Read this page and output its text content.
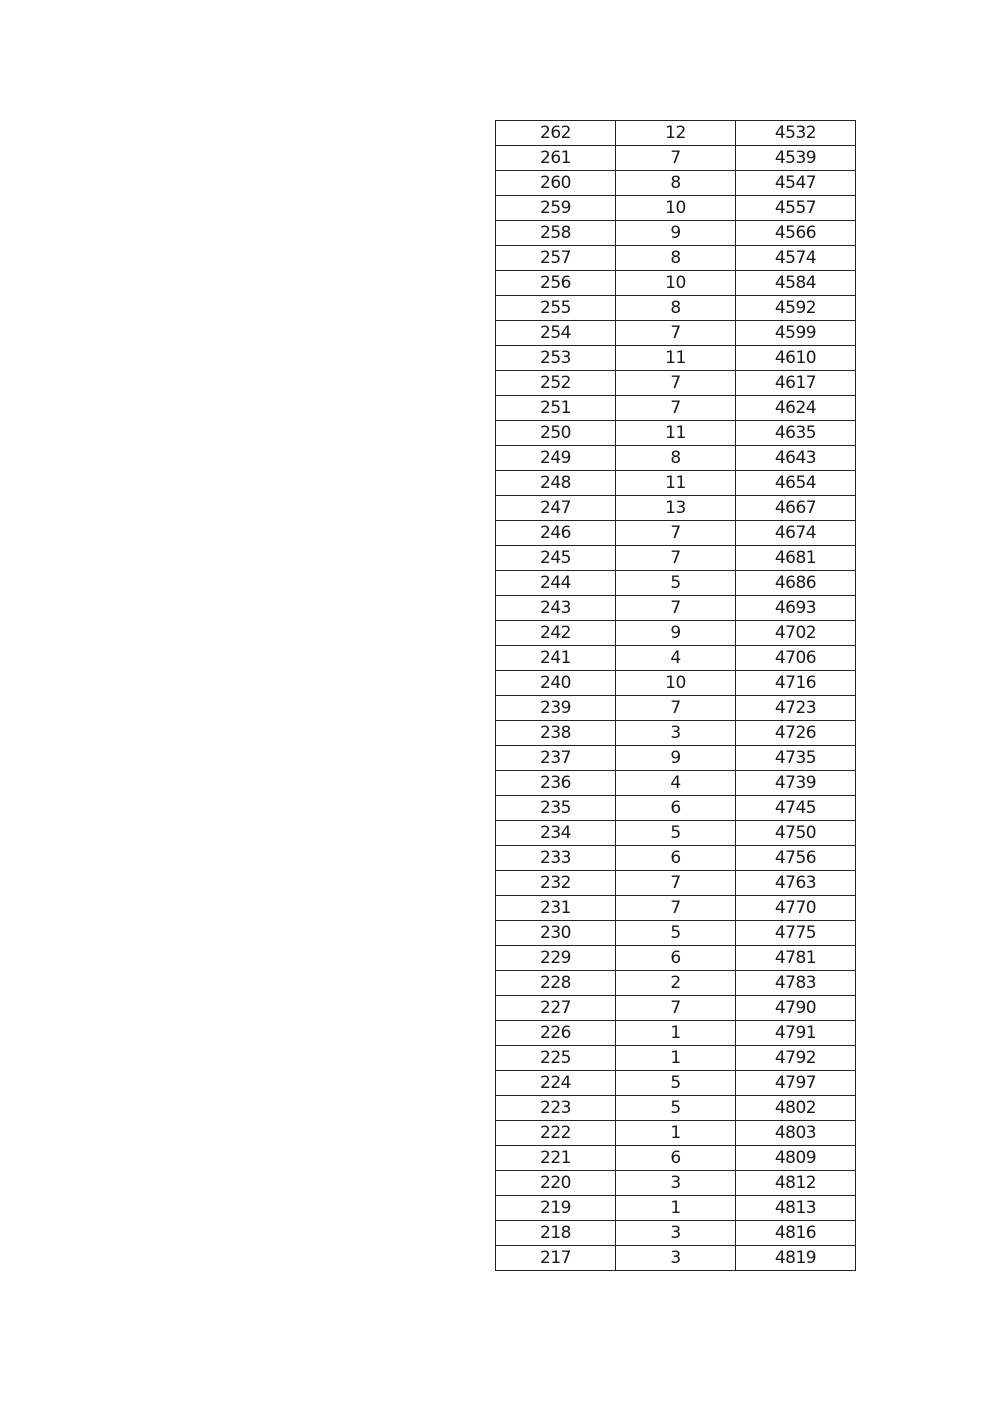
262	12	4532
261	7	4539
260	8	4547
259	10	4557
258	9	4566
257	8	4574
256	10	4584
255	8	4592
254	7	4599
253	11	4610
252	7	4617
251	7	4624
250	11	4635
249	8	4643
248	11	4654
247	13	4667
246	7	4674
245	7	4681
244	5	4686
243	7	4693
242	9	4702
241	4	4706
240	10	4716
239	7	4723
238	3	4726
237	9	4735
236	4	4739
235	6	4745
234	5	4750
233	6	4756
232	7	4763
231	7	4770
230	5	4775
229	6	4781
228	2	4783
227	7	4790
226	1	4791
225	1	4792
224	5	4797
223	5	4802
222	1	4803
221	6	4809
220	3	4812
219	1	4813
218	3	4816
217	3	4819
